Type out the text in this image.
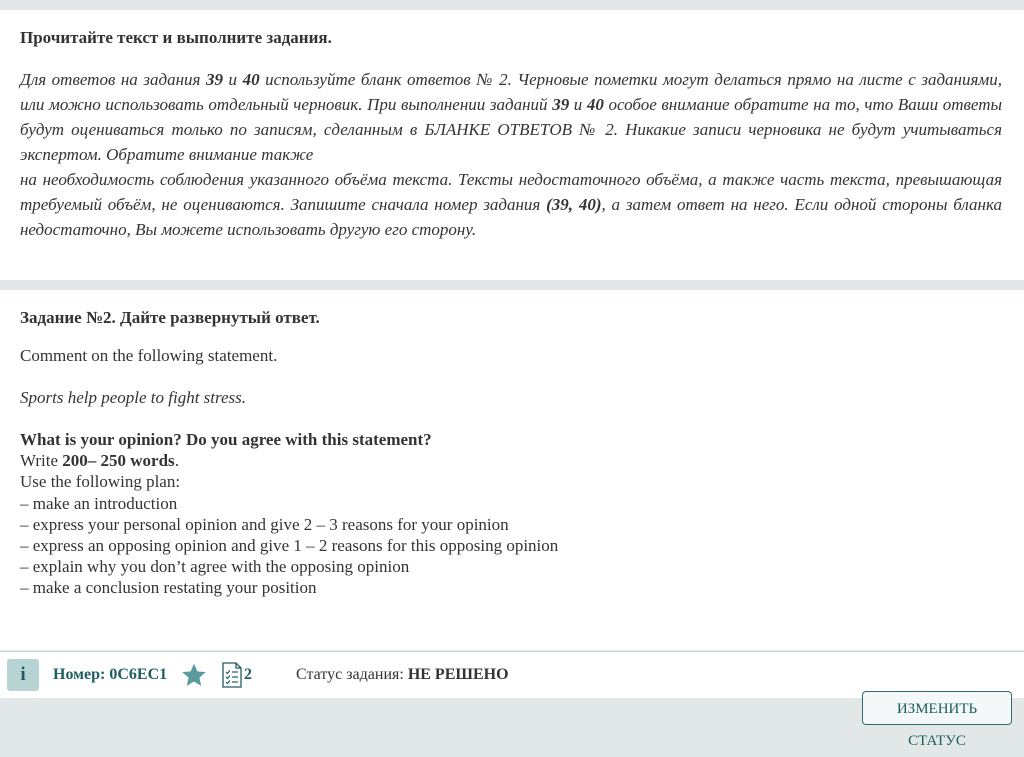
Прочитайте текст и выполните задания.

Для ответов на задания 39 и 40 используйте бланк ответов № 2. Черновые пометки могут делаться прямо на листе с заданиями, или можно использовать отдельный черновик. При выполнении заданий 39 и 40 особое внимание обратите на то, что Ваши ответы будут оцениваться только по записям, сделанным в БЛАНКЕ ОТВЕТОВ № 2. Никакие записи черновика не будут учитываться экспертом. Обратите внимание также

на необходимость соблюдения указанного объёма текста. Тексты недостаточного объёма, а также часть текста, превышающая требуемый объём, не оцениваются. Запишите сначала номер задания (39, 40), а затем ответ на него. Если одной стороны бланка недостаточно, Вы можете использовать другую его сторону.

Задание №2. Дайте развернутый ответ.
Comment on the following statement.
Sports help people to fight stress.
What is your opinion? Do you agree with this statement?
Write 200– 250 words.
Use the following plan:
– make an introduction
– express your personal opinion and give 2 – 3 reasons for your opinion
– express an opposing opinion and give 1 – 2 reasons for this opposing opinion
– explain why you don’t agree with the opposing opinion
– make a conclusion restating your position
i	Номер: 0C6EC1	2	Статус задания: НЕ РЕШЕНО
ИЗМЕНИТЬ СТАТУС
